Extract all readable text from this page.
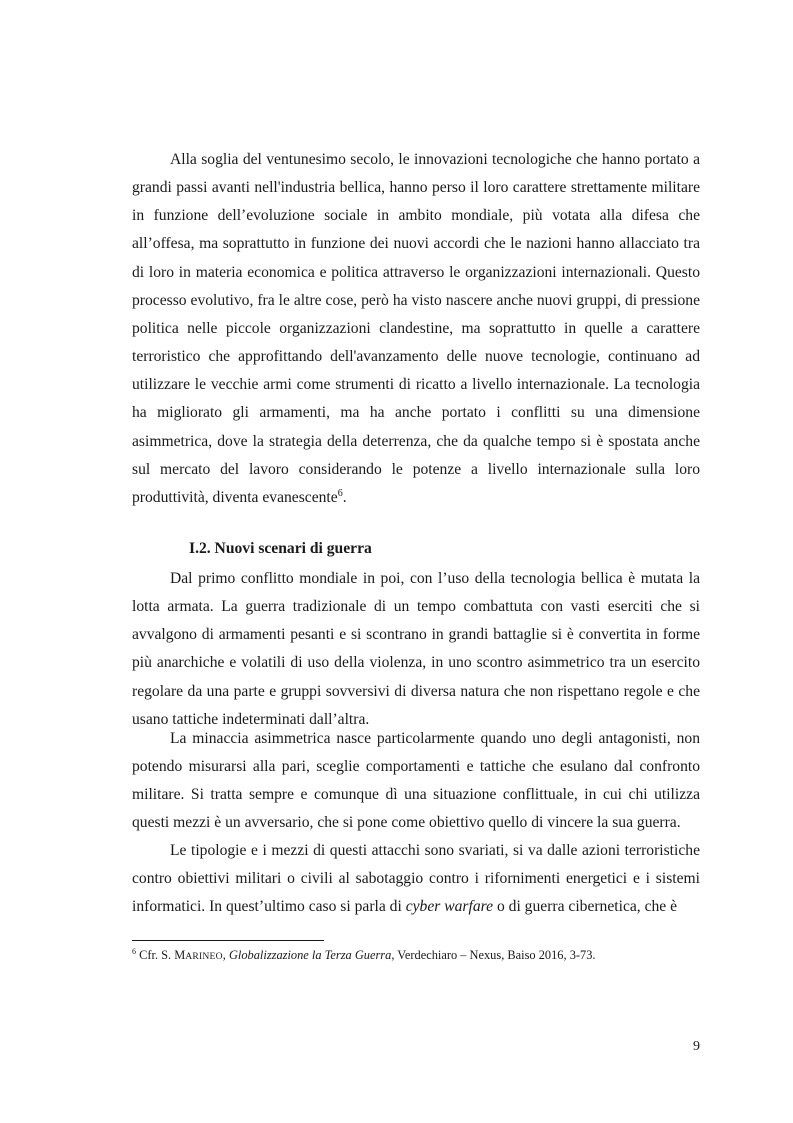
Alla soglia del ventunesimo secolo, le innovazioni tecnologiche che hanno portato a grandi passi avanti nell'industria bellica, hanno perso il loro carattere strettamente militare in funzione dell’evoluzione sociale in ambito mondiale, più votata alla difesa che all’offesa, ma soprattutto in funzione dei nuovi accordi che le nazioni hanno allacciato tra di loro in materia economica e politica attraverso le organizzazioni internazionali. Questo processo evolutivo, fra le altre cose, però ha visto nascere anche nuovi gruppi, di pressione politica nelle piccole organizzazioni clandestine, ma soprattutto in quelle a carattere terroristico che approfittando dell'avanzamento delle nuove tecnologie, continuano ad utilizzare le vecchie armi come strumenti di ricatto a livello internazionale. La tecnologia ha migliorato gli armamenti, ma ha anche portato i conflitti su una dimensione asimmetrica, dove la strategia della deterrenza, che da qualche tempo si è spostata anche sul mercato del lavoro considerando le potenze a livello internazionale sulla loro produttività, diventa evanescente$^6$.

I.2. Nuovi scenari di guerra

Dal primo conflitto mondiale in poi, con l’uso della tecnologia bellica è mutata la lotta armata. La guerra tradizionale di un tempo combattuta con vasti eserciti che si avvalgono di armamenti pesanti e si scontrano in grandi battaglie si è convertita in forme più anarchiche e volatili di uso della violenza, in uno scontro asimmetrico tra un esercito regolare da una parte e gruppi sovversivi di diversa natura che non rispettano regole e che usano tattiche indeterminati dall’altra.

La minaccia asimmetrica nasce particolarmente quando uno degli antagonisti, non potendo misurarsi alla pari, sceglie comportamenti e tattiche che esulano dal confronto militare. Si tratta sempre e comunque dì una situazione conflittuale, in cui chi utilizza questi mezzi è un avversario, che si pone come obiettivo quello di vincere la sua guerra.

Le tipologie e i mezzi di questi attacchi sono svariati, si va dalle azioni terroristiche contro obiettivi militari o civili al sabotaggio contro i rifornimenti energetici e i sistemi informatici. In quest’ultimo caso si parla di cyber warfare o di guerra cibernetica, che è

$^6$ Cfr. S. MARINEO, Globalizzazione la Terza Guerra, Verdechiaro – Nexus, Baiso 2016, 3-73.

9
